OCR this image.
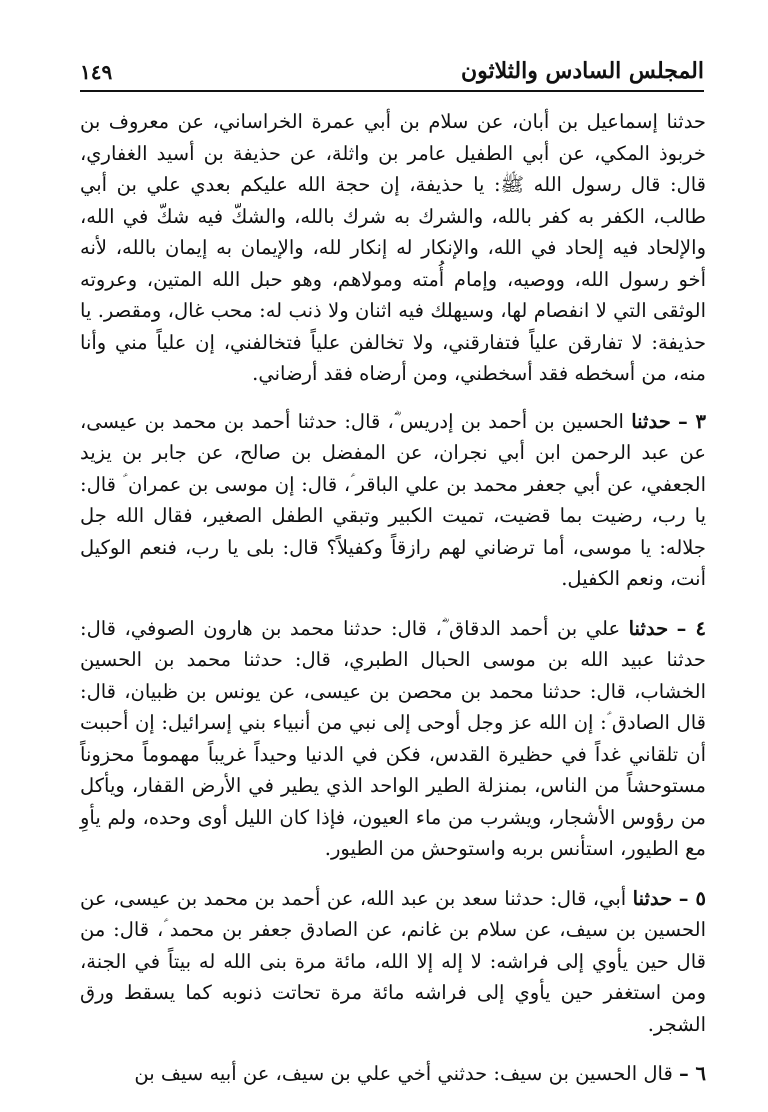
المجلس السادس والثلاثون
١٤٩

حدثنا إسماعيل بن أبان، عن سلام بن أبي عمرة الخراساني، عن معروف بن خربوذ المكي، عن أبي الطفيل عامر بن واثلة، عن حذيفة بن أسيد الغفاري، قال: قال رسول الله ﷺ: يا حذيفة، إن حجة الله عليكم بعدي علي بن أبي طالب، الكفر به كفر بالله، والشرك به شرك بالله، والشكّ فيه شكّ في الله، والإلحاد فيه إلحاد في الله، والإنكار له إنكار لله، والإيمان به إيمان بالله، لأنه أخو رسول الله، ووصيه، وإمام أُمته ومولاهم، وهو حبل الله المتين، وعروته الوثقى التي لا انفصام لها، وسيهلك فيه اثنان ولا ذنب له: محب غال، ومقصر. يا حذيفة: لا تفارقن علياً فتفارقني، ولا تخالفن علياً فتخالفني، إن علياً مني وأنا منه، من أسخطه فقد أسخطني، ومن أرضاه فقد أرضاني.

٣ – حدثنا الحسين بن أحمد بن إدريس ؓ، قال: حدثنا أحمد بن محمد بن عيسى، عن عبد الرحمن ابن أبي نجران، عن المفضل بن صالح، عن جابر بن يزيد الجعفي، عن أبي جعفر محمد بن علي الباقر ؑ، قال: إن موسى بن عمران ؑ قال: يا رب، رضيت بما قضيت، تميت الكبير وتبقي الطفل الصغير، فقال الله جل جلاله: يا موسى، أما ترضاني لهم رازقاً وكفيلاً؟ قال: بلى يا رب، فنعم الوكيل أنت، ونعم الكفيل.

٤ – حدثنا علي بن أحمد الدقاق ؓ، قال: حدثنا محمد بن هارون الصوفي، قال: حدثنا عبيد الله بن موسى الحبال الطبري، قال: حدثنا محمد بن الحسين الخشاب، قال: حدثنا محمد بن محصن بن عيسى، عن يونس بن ظبيان، قال: قال الصادق ؑ: إن الله عز وجل أوحى إلى نبي من أنبياء بني إسرائيل: إن أحببت أن تلقاني غداً في حظيرة القدس، فكن في الدنيا وحيداً غريباً مهموماً محزوناً مستوحشاً من الناس، بمنزلة الطير الواحد الذي يطير في الأرض القفار، ويأكل من رؤوس الأشجار، ويشرب من ماء العيون، فإذا كان الليل أوى وحده، ولم يأوِ مع الطيور، استأنس بربه واستوحش من الطيور.

٥ – حدثنا أبي، قال: حدثنا سعد بن عبد الله، عن أحمد بن محمد بن عيسى، عن الحسين بن سيف، عن سلام بن غانم، عن الصادق جعفر بن محمد ؑ، قال: من قال حين يأوي إلى فراشه: لا إله إلا الله، مائة مرة بنى الله له بيتاً في الجنة، ومن استغفر حين يأوي إلى فراشه مائة مرة تحاتت ذنوبه كما يسقط ورق الشجر.

٦ – قال الحسين بن سيف: حدثني أخي علي بن سيف، عن أبيه سيف بن
